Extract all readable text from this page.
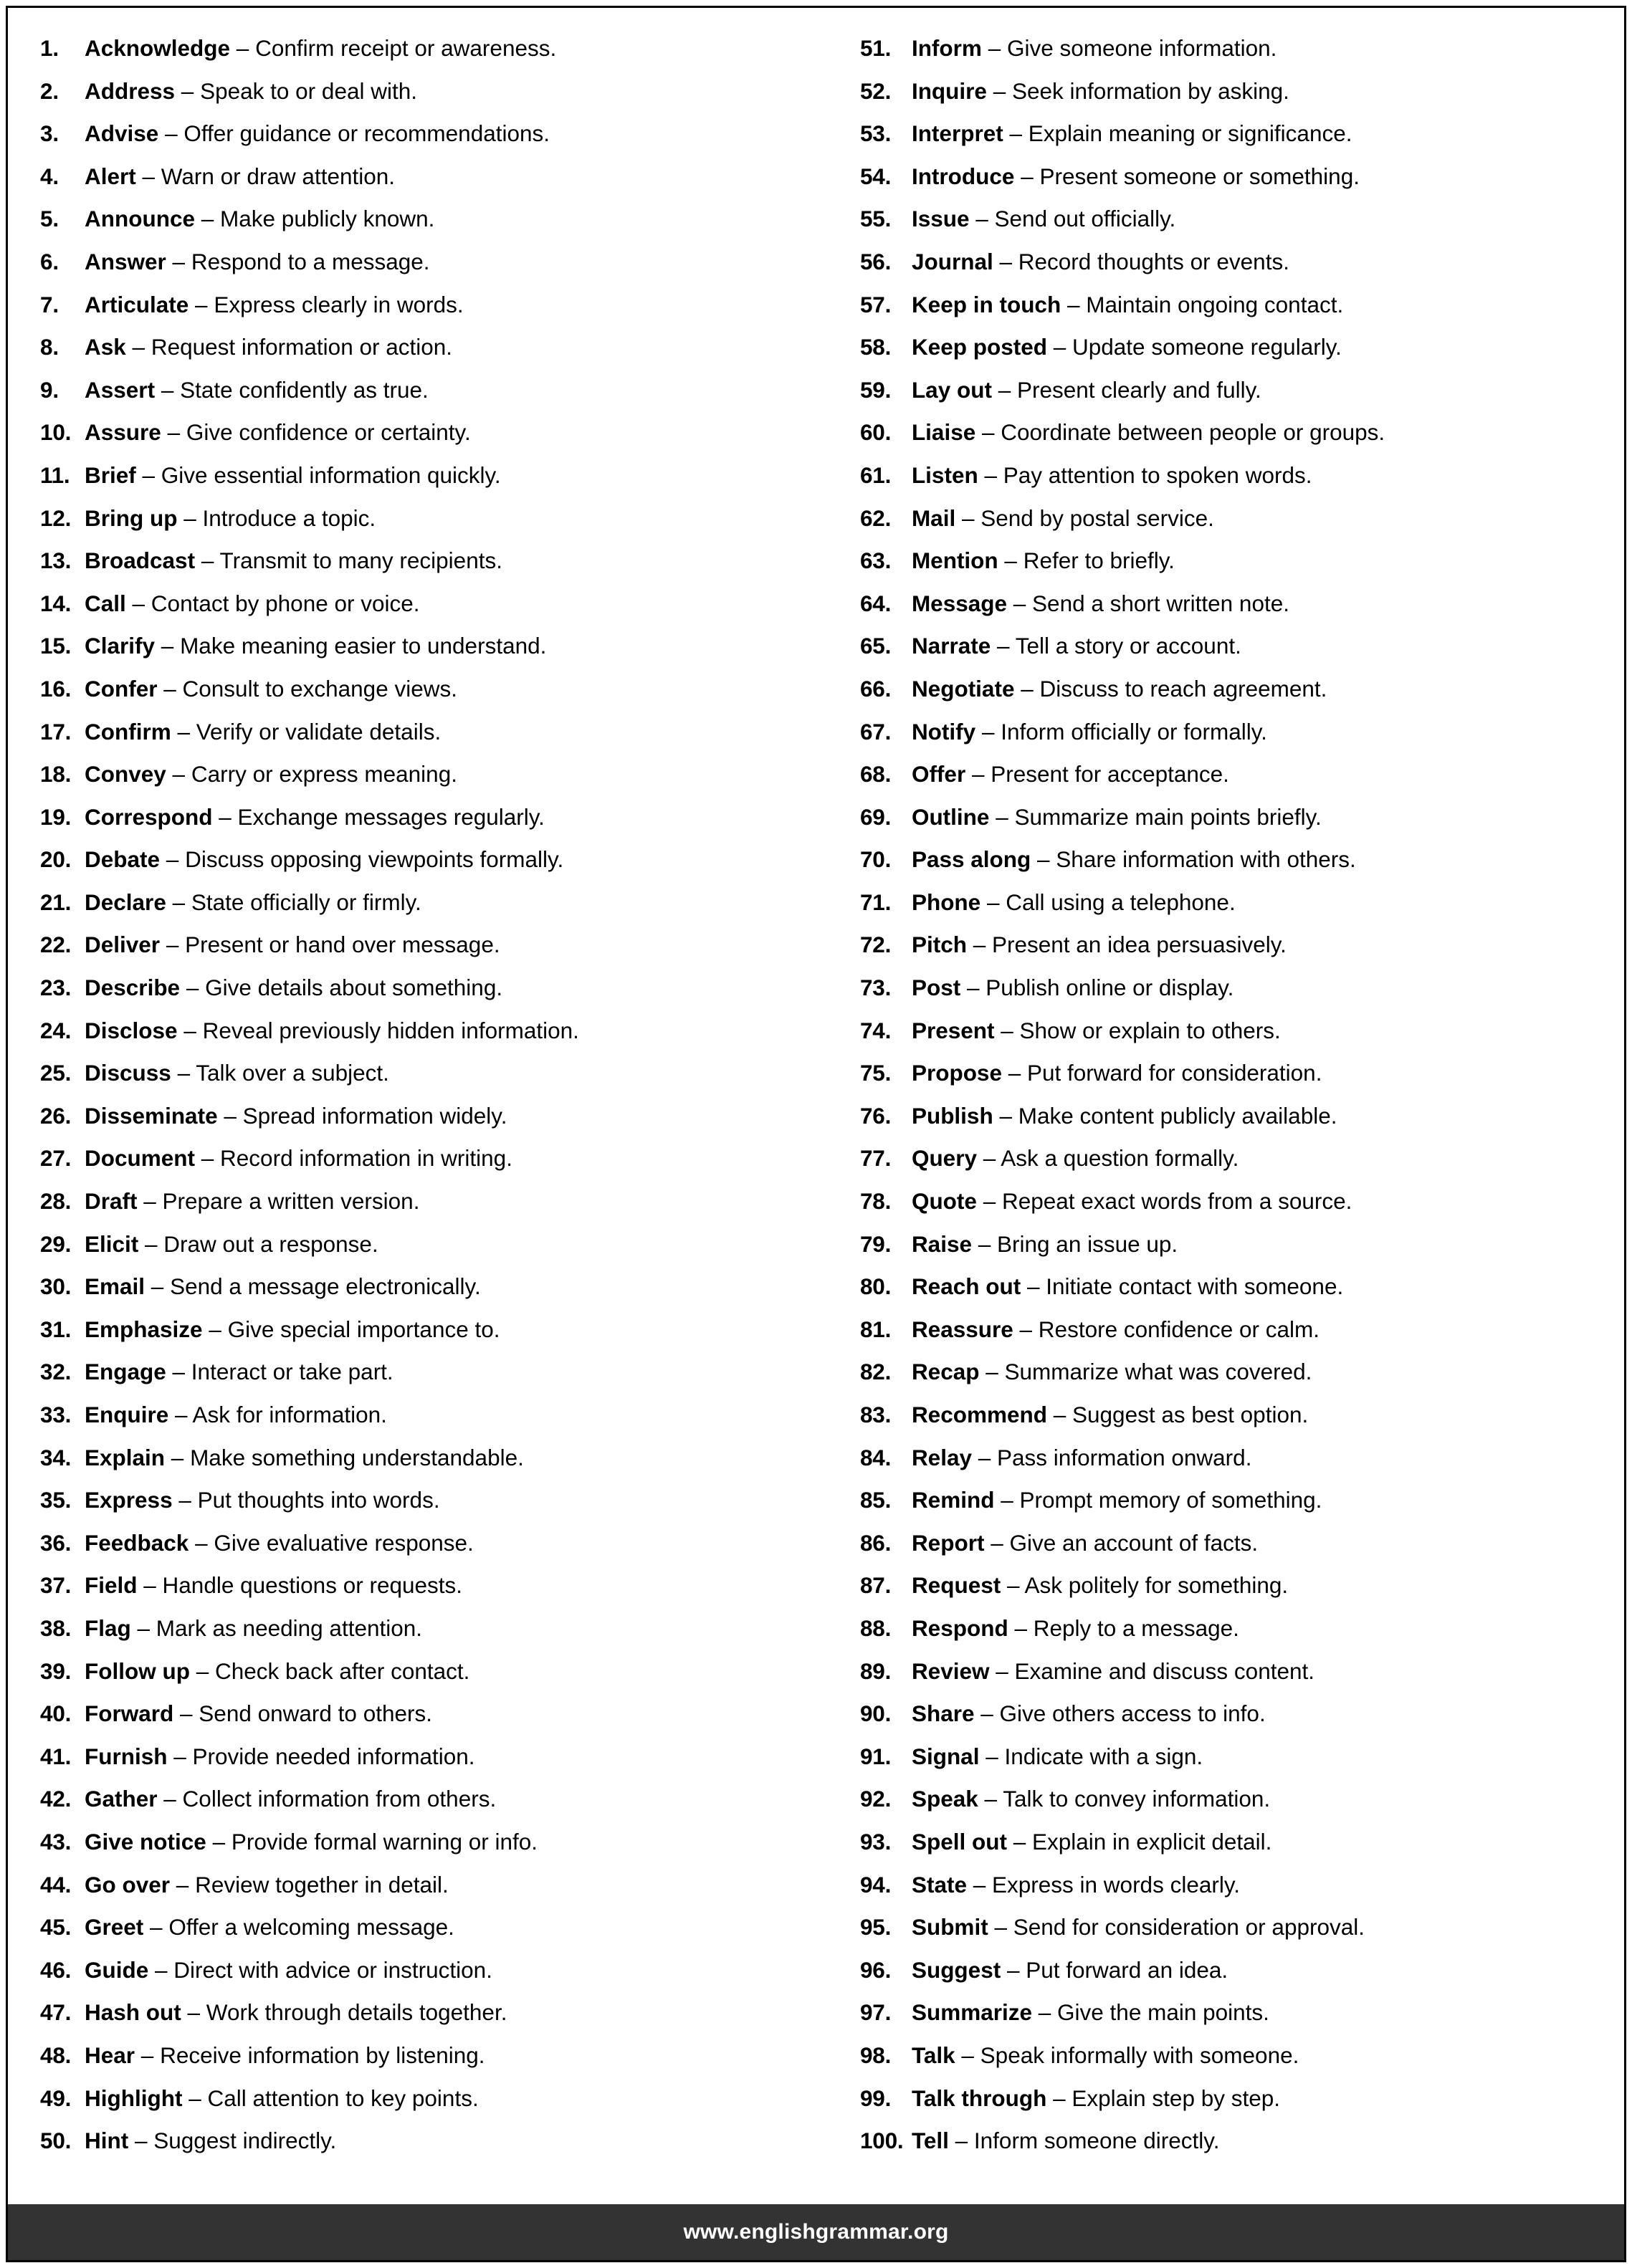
1.	Acknowledge – Confirm receipt or awareness.
2.	Address – Speak to or deal with.
3.	Advise – Offer guidance or recommendations.
4.	Alert – Warn or draw attention.
5.	Announce – Make publicly known.
6.	Answer – Respond to a message.
7.	Articulate – Express clearly in words.
8.	Ask – Request information or action.
9.	Assert – State confidently as true.
10. Assure – Give confidence or certainty.
11. Brief – Give essential information quickly.
12. Bring up – Introduce a topic.
13. Broadcast – Transmit to many recipients.
14. Call – Contact by phone or voice.
15. Clarify – Make meaning easier to understand.
16. Confer – Consult to exchange views.
17. Confirm – Verify or validate details.
18. Convey – Carry or express meaning.
19. Correspond – Exchange messages regularly.
20. Debate – Discuss opposing viewpoints formally.
21. Declare – State officially or firmly.
22. Deliver – Present or hand over message.
23. Describe – Give details about something.
24. Disclose – Reveal previously hidden information.
25. Discuss – Talk over a subject.
26. Disseminate – Spread information widely.
27. Document – Record information in writing.
28. Draft – Prepare a written version.
29. Elicit – Draw out a response.
30. Email – Send a message electronically.
31. Emphasize – Give special importance to.
32. Engage – Interact or take part.
33. Enquire – Ask for information.
34. Explain – Make something understandable.
35. Express – Put thoughts into words.
36. Feedback – Give evaluative response.
37. Field – Handle questions or requests.
38. Flag – Mark as needing attention.
39. Follow up – Check back after contact.
40. Forward – Send onward to others.
41. Furnish – Provide needed information.
42. Gather – Collect information from others.
43. Give notice – Provide formal warning or info.
44. Go over – Review together in detail.
45. Greet – Offer a welcoming message.
46. Guide – Direct with advice or instruction.
47. Hash out – Work through details together.
48. Hear – Receive information by listening.
49. Highlight – Call attention to key points.
50. Hint – Suggest indirectly.
51. Inform – Give someone information.
52. Inquire – Seek information by asking.
53. Interpret – Explain meaning or significance.
54. Introduce – Present someone or something.
55. Issue – Send out officially.
56. Journal – Record thoughts or events.
57. Keep in touch – Maintain ongoing contact.
58. Keep posted – Update someone regularly.
59. Lay out – Present clearly and fully.
60. Liaise – Coordinate between people or groups.
61. Listen – Pay attention to spoken words.
62. Mail – Send by postal service.
63. Mention – Refer to briefly.
64. Message – Send a short written note.
65. Narrate – Tell a story or account.
66. Negotiate – Discuss to reach agreement.
67. Notify – Inform officially or formally.
68. Offer – Present for acceptance.
69. Outline – Summarize main points briefly.
70. Pass along – Share information with others.
71. Phone – Call using a telephone.
72. Pitch – Present an idea persuasively.
73. Post – Publish online or display.
74. Present – Show or explain to others.
75. Propose – Put forward for consideration.
76. Publish – Make content publicly available.
77. Query – Ask a question formally.
78. Quote – Repeat exact words from a source.
79. Raise – Bring an issue up.
80. Reach out – Initiate contact with someone.
81. Reassure – Restore confidence or calm.
82. Recap – Summarize what was covered.
83. Recommend – Suggest as best option.
84. Relay – Pass information onward.
85. Remind – Prompt memory of something.
86. Report – Give an account of facts.
87. Request – Ask politely for something.
88. Respond – Reply to a message.
89. Review – Examine and discuss content.
90. Share – Give others access to info.
91. Signal – Indicate with a sign.
92. Speak – Talk to convey information.
93. Spell out – Explain in explicit detail.
94. State – Express in words clearly.
95. Submit – Send for consideration or approval.
96. Suggest – Put forward an idea.
97. Summarize – Give the main points.
98. Talk – Speak informally with someone.
99. Talk through – Explain step by step.
100. Tell – Inform someone directly.
www.englishgrammar.org
